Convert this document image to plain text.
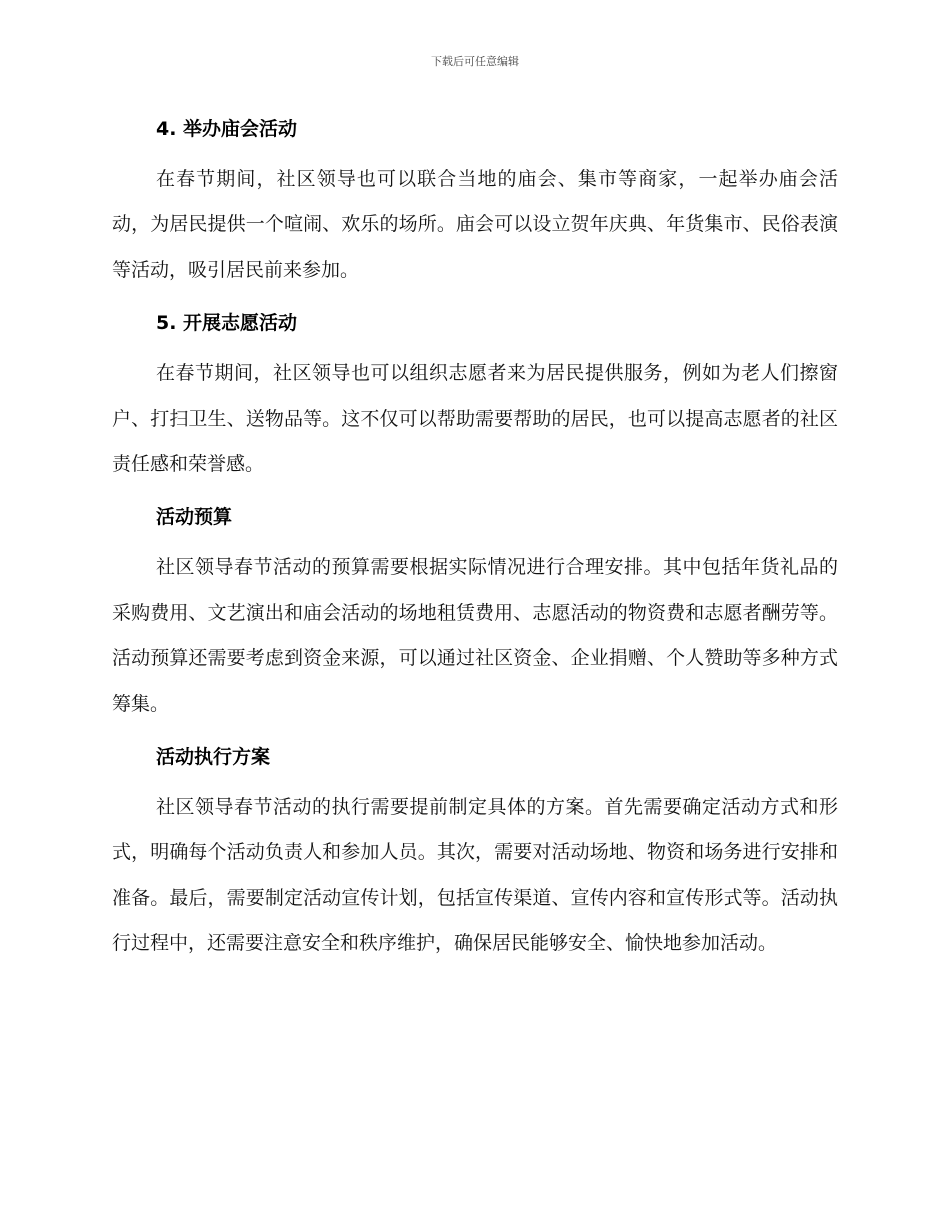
下载后可任意编辑
4. 举办庙会活动

在春节期间，社区领导也可以联合当地的庙会、集市等商家，一起举办庙会活动，为居民提供一个喧闹、欢乐的场所。庙会可以设立贺年庆典、年货集市、民俗表演等活动，吸引居民前来参加。

5. 开展志愿活动

在春节期间，社区领导也可以组织志愿者来为居民提供服务，例如为老人们擦窗户、打扫卫生、送物品等。这不仅可以帮助需要帮助的居民，也可以提高志愿者的社区责任感和荣誉感。

活动预算

社区领导春节活动的预算需要根据实际情况进行合理安排。其中包括年货礼品的采购费用、文艺演出和庙会活动的场地租赁费用、志愿活动的物资费和志愿者酬劳等。活动预算还需要考虑到资金来源，可以通过社区资金、企业捐赠、个人赞助等多种方式筹集。

活动执行方案

社区领导春节活动的执行需要提前制定具体的方案。首先需要确定活动方式和形式，明确每个活动负责人和参加人员。其次，需要对活动场地、物资和场务进行安排和准备。最后，需要制定活动宣传计划，包括宣传渠道、宣传内容和宣传形式等。活动执行过程中，还需要注意安全和秩序维护，确保居民能够安全、愉快地参加活动。
